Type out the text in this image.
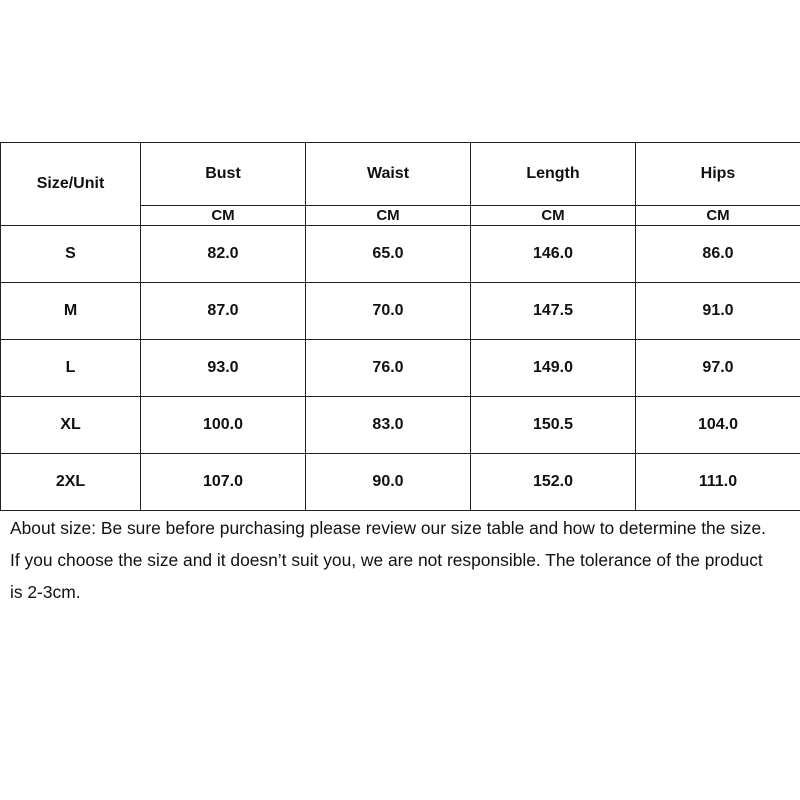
Size/Unit	Bust	Waist	Length	Hips
	CM	CM	CM	CM
S	82.0	65.0	146.0	86.0
M	87.0	70.0	147.5	91.0
L	93.0	76.0	149.0	97.0
XL	100.0	83.0	150.5	104.0
2XL	107.0	90.0	152.0	111.0
About size: Be sure before purchasing please review our size table and how to determine the size.
If you choose the size and it doesn’t suit you, we are not responsible. The tolerance of the product
is 2-3cm.
